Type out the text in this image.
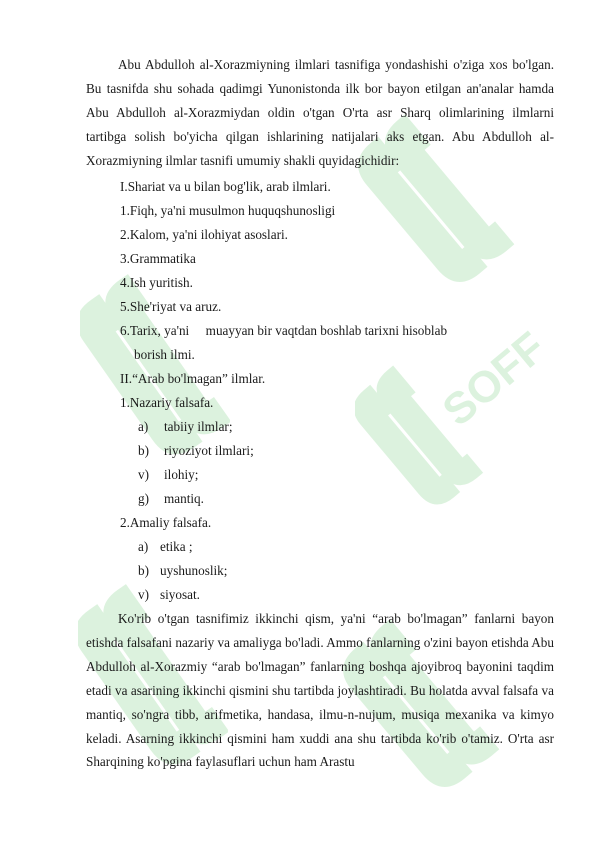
SOFF

Abu Abdulloh al-Xorazmiyning ilmlari tasnifiga yondashishi o'ziga xos bo'lgan. Bu tasnifda shu sohada qadimgi Yunonistonda ilk bor bayon etilgan an'analar hamda Abu Abdulloh al-Xorazmiydan oldin o'tgan O'rta asr Sharq olimlarining ilmlarni tartibga solish bo'yicha qilgan ishlarining natijalari aks etgan. Abu Abdulloh al-Xorazmiyning ilmlar tasnifi umumiy shakli quyidagichidir:

I.Shariat va u bilan bog'lik, arab ilmlari.
1.Fiqh, ya'ni musulmon huquqshunosligi
2.Kalom, ya'ni ilohiyat asoslari.
3.Grammatika
4.Ish yuritish.
5.She'riyat va aruz.
6.Tarix, ya'ni     muayyan bir vaqtdan boshlab tarixni hisoblab
borish ilmi.
II.“Arab bo'lmagan” ilmlar.
1.Nazariy falsafa.
a) tabiiy ilmlar;
b) riyoziyot ilmlari;
v) ilohiy;
g) mantiq.
2.Amaliy falsafa.
a) etika ;
b) uyshunoslik;
v) siyosat.

Ko'rib o'tgan tasnifimiz ikkinchi qism, ya'ni “arab bo'lmagan” fanlarni bayon etishda falsafani nazariy va amaliyga bo'ladi. Ammo fanlarning o'zini bayon etishda Abu Abdulloh al-Xorazmiy “arab bo'lmagan” fanlarning boshqa ajoyibroq bayonini taqdim etadi va asarining ikkinchi qismini shu tartibda joylashtiradi. Bu holatda avval falsafa va mantiq, so'ngra tibb, arifmetika, handasa, ilmu-n-nujum, musiqa mexanika va kimyo keladi. Asarning ikkinchi qismini ham xuddi ana shu tartibda ko'rib o'tamiz. O'rta asr Sharqining ko'pgina faylasuflari uchun ham Arastu
